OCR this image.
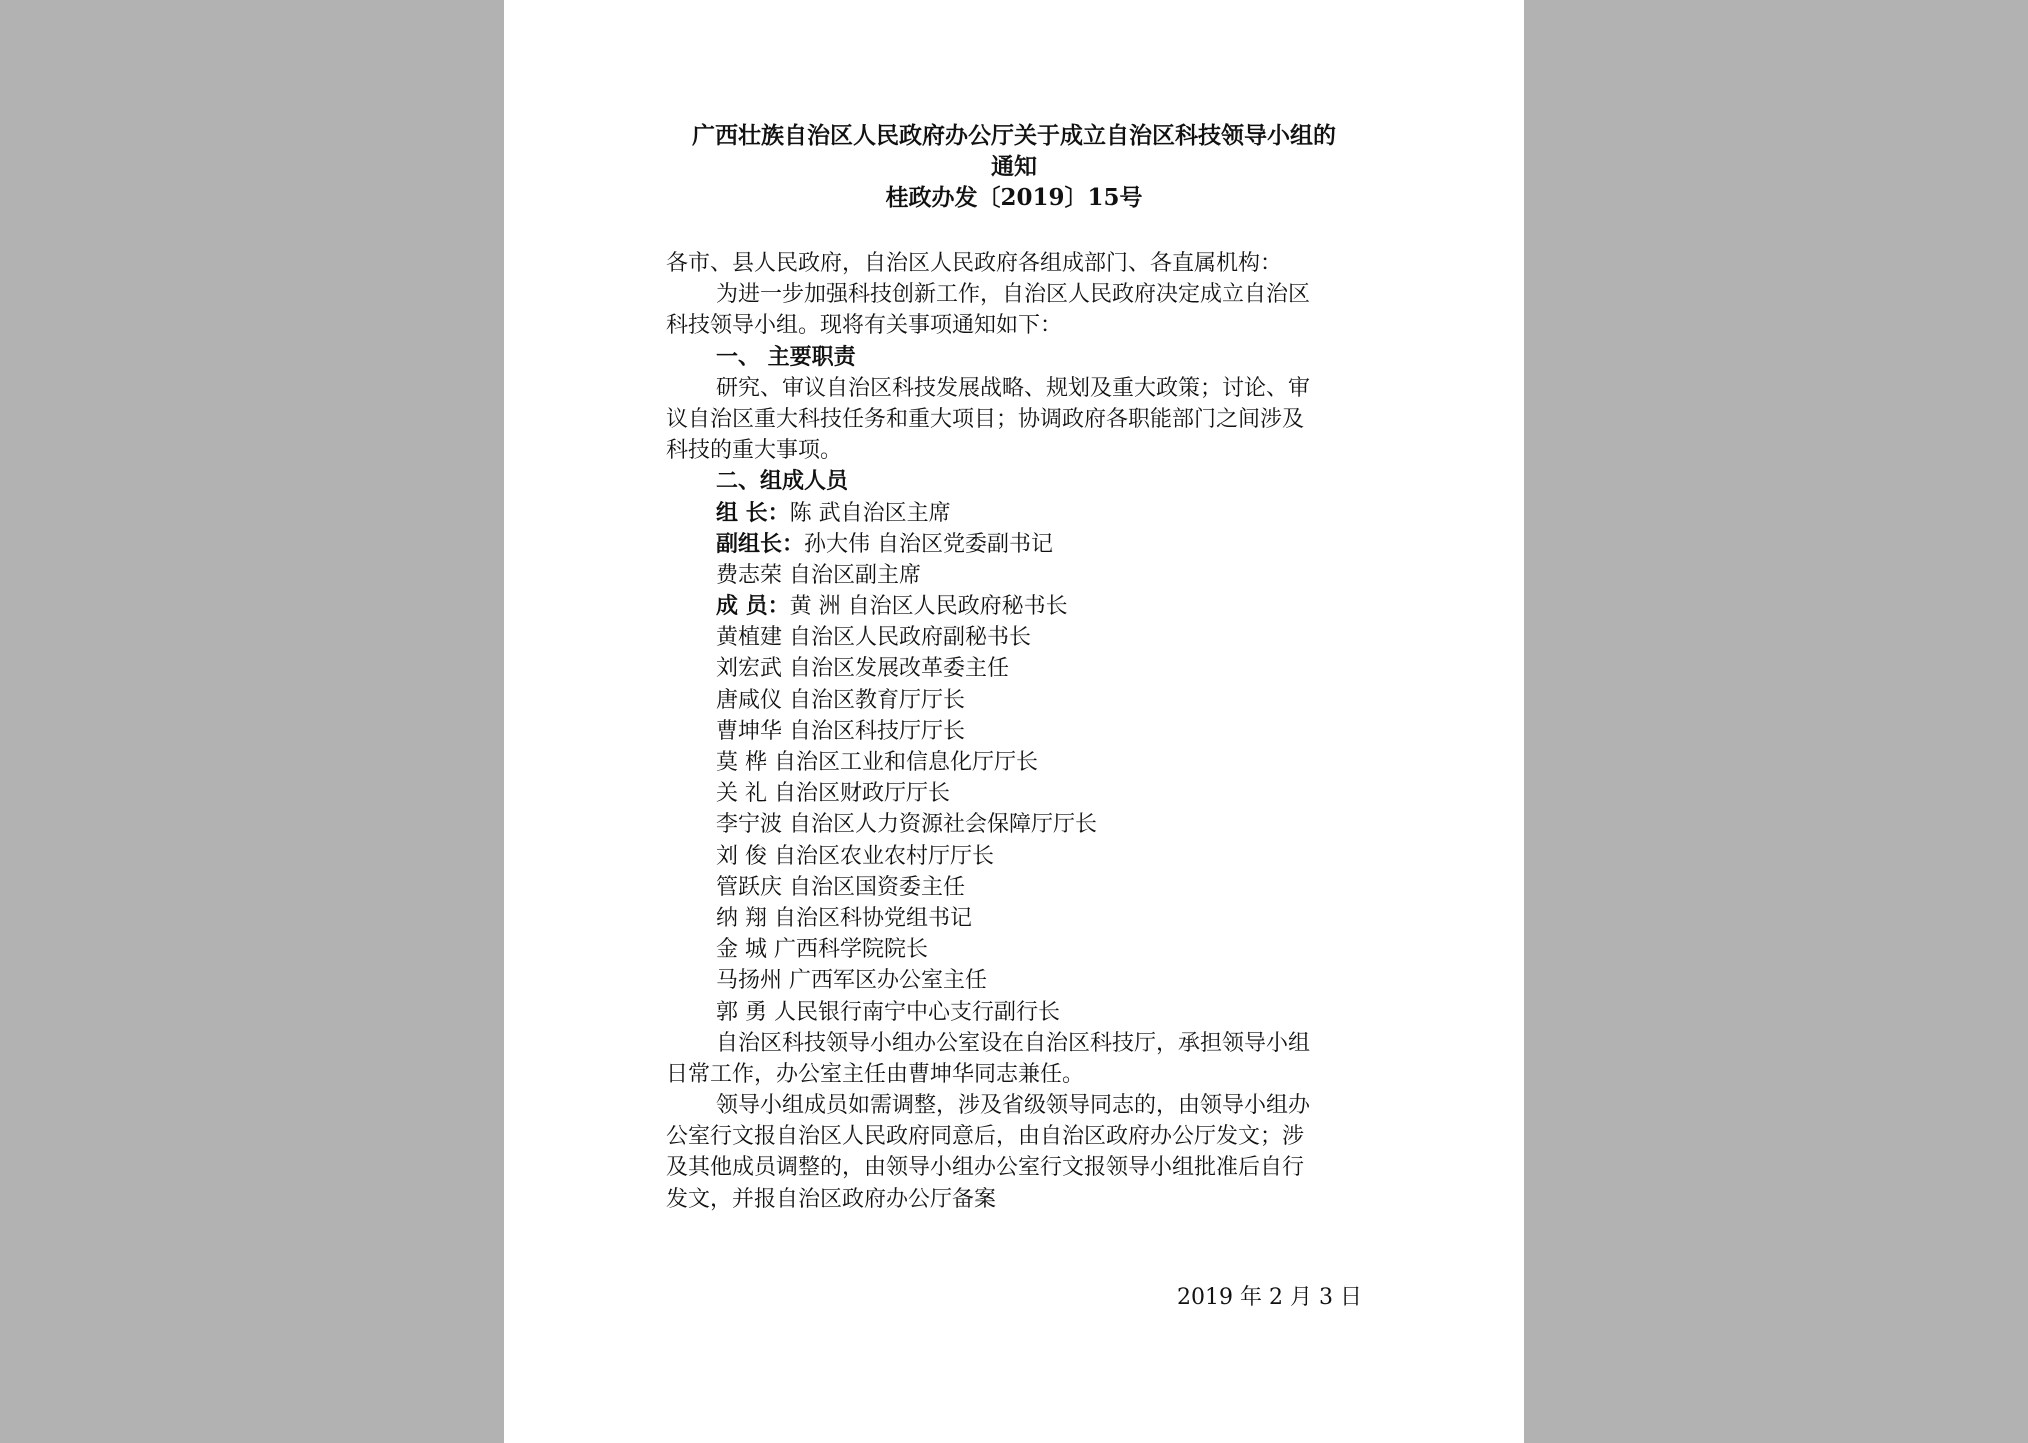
广西壮族自治区人民政府办公厅关于成立自治区科技领导小组的
通知
桂政办发〔2019〕15号
各市、县人民政府，自治区人民政府各组成部门、各直属机构：
为进一步加强科技创新工作，自治区人民政府决定成立自治区
科技领导小组。现将有关事项通知如下：
一、 主要职责
研究、审议自治区科技发展战略、规划及重大政策；讨论、审
议自治区重大科技任务和重大项目；协调政府各职能部门之间涉及
科技的重大事项。
二、组成人员
组 长：陈 武自治区主席
副组长：孙大伟 自治区党委副书记
费志荣 自治区副主席
成 员：黄 洲 自治区人民政府秘书长
黄植建 自治区人民政府副秘书长
刘宏武 自治区发展改革委主任
唐咸仪 自治区教育厅厅长
曹坤华 自治区科技厅厅长
莫 桦 自治区工业和信息化厅厅长
关 礼 自治区财政厅厅长
李宁波 自治区人力资源社会保障厅厅长
刘 俊 自治区农业农村厅厅长
管跃庆 自治区国资委主任
纳 翔 自治区科协党组书记
金 城 广西科学院院长
马扬州 广西军区办公室主任
郭 勇 人民银行南宁中心支行副行长
自治区科技领导小组办公室设在自治区科技厅，承担领导小组
日常工作，办公室主任由曹坤华同志兼任。
领导小组成员如需调整，涉及省级领导同志的，由领导小组办
公室行文报自治区人民政府同意后，由自治区政府办公厅发文；涉
及其他成员调整的，由领导小组办公室行文报领导小组批准后自行
发文，并报自治区政府办公厅备案
2019 年 2 月 3 日
